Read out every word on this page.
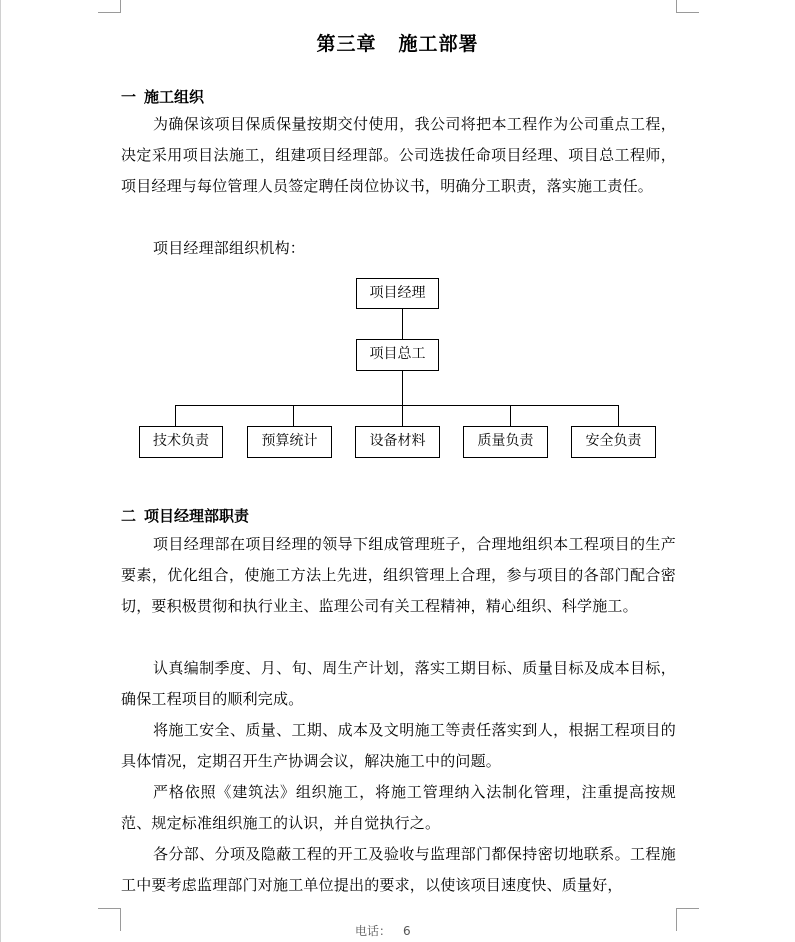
第三章 施工部署
一 施工组织

为确保该项目保质保量按期交付使用，我公司将把本工程作为公司重点工程，决定采用项目法施工，组建项目经理部。公司选拔任命项目经理、项目总工程师，项目经理与每位管理人员签定聘任岗位协议书，明确分工职责，落实施工责任。

项目经理部组织机构：

项目经理
项目总工
技术负责	预算统计	设备材料	质量负责	安全负责
二 项目经理部职责

项目经理部在项目经理的领导下组成管理班子，合理地组织本工程项目的生产要素，优化组合，使施工方法上先进，组织管理上合理，参与项目的各部门配合密切，要积极贯彻和执行业主、监理公司有关工程精神，精心组织、科学施工。

认真编制季度、月、旬、周生产计划，落实工期目标、质量目标及成本目标，确保工程项目的顺利完成。

将施工安全、质量、工期、成本及文明施工等责任落实到人，根据工程项目的具体情况，定期召开生产协调会议，解决施工中的问题。

严格依照《建筑法》组织施工，将施工管理纳入法制化管理，注重提高按规范、规定标准组织施工的认识，并自觉执行之。

各分部、分项及隐蔽工程的开工及验收与监理部门都保持密切地联系。工程施工中要考虑监理部门对施工单位提出的要求，以使该项目速度快、质量好，

电话： 6
